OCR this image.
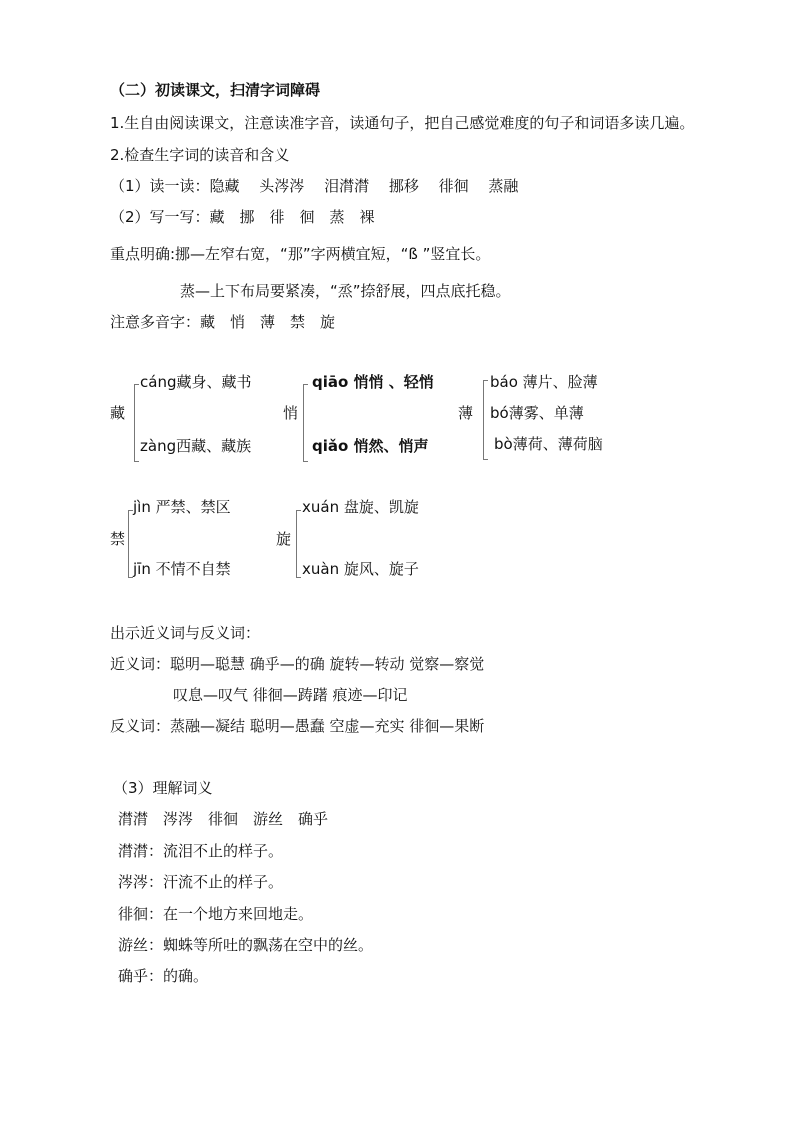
（二）初读课文，扫清字词障碍
1.生自由阅读课文，注意读准字音，读通句子，把自己感觉难度的句子和词语多读几遍。
2.检查生字词的读音和含义
（1）读一读：隐藏　 头涔涔　 泪潸潸　 挪移　 徘徊　 蒸融
（2）写一写：藏　挪　徘　徊　蒸　裸
重点明确:挪—左窄右宽，“那”字两横宜短，“ß ”竖宜长。
蒸—上下布局要紧凑，“烝”捺舒展，四点底托稳。
注意多音字：藏　悄　薄　禁　旋
藏
cáng藏身、藏书
zàng西藏、藏族
悄
qiāo 悄悄 、轻悄
qiǎo 悄然、悄声
薄
báo 薄片、脸薄
bó薄雾、单薄
bò薄荷、薄荷脑
禁
jìn 严禁、禁区
jīn 不情不自禁
旋
xuán 盘旋、凯旋
xuàn 旋风、旋子
出示近义词与反义词：
近义词：聪明—聪慧 确乎—的确 旋转—转动 觉察—察觉
叹息—叹气 徘徊—踌躇 痕迹—印记
反义词：蒸融—凝结 聪明—愚蠢 空虚—充实 徘徊—果断
（3）理解词义
潸潸　涔涔　徘徊　游丝　确乎
潸潸：流泪不止的样子。
涔涔：汗流不止的样子。
徘徊：在一个地方来回地走。
游丝：蜘蛛等所吐的飘荡在空中的丝。
确乎：的确。
